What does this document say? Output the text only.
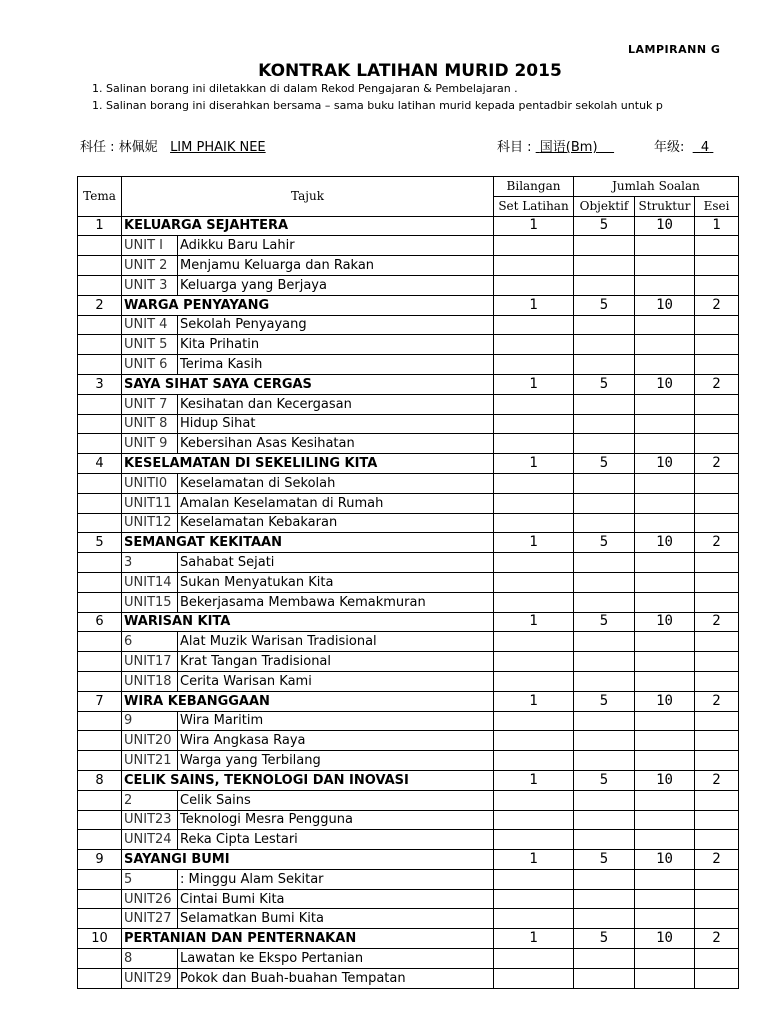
LAMPIRANN G
KONTRAK LATIHAN MURID 2015
1. Salinan borang ini diletakkan di dalam Rekod Pengajaran & Pembelajaran .
1. Salinan borang ini diserahkan bersama – sama buku latihan murid kepada pentadbir sekolah untuk p
科任 : 林佩妮 LIM PHAIK NEE	科目 : 国语(Bm)	年级: 4
Tema	Tajuk		Bilangan	Jumlah Soalan		
			Set Latihan	Objektif	Struktur	Esei
1	KELUARGA SEJAHTERA		1	5	10	1
	UNIT I	Adikku Baru Lahir				
	UNIT 2	Menjamu Keluarga dan Rakan				
	UNIT 3	Keluarga yang Berjaya				
2	WARGA PENYAYANG		1	5	10	2
	UNIT 4	Sekolah Penyayang				
	UNIT 5	Kita Prihatin				
	UNIT 6	Terima Kasih				
3	SAYA SIHAT SAYA CERGAS		1	5	10	2
	UNIT 7	Kesihatan dan Kecergasan				
	UNIT 8	Hidup Sihat				
	UNIT 9	Kebersihan Asas Kesihatan				
4	KESELAMATAN DI SEKELILING KITA		1	5	10	2
	UNITI0	Keselamatan di Sekolah				
	UNIT11	Amalan Keselamatan di Rumah				
	UNIT12	Keselamatan Kebakaran				
5	SEMANGAT KEKITAAN		1	5	10	2
	3	Sahabat Sejati				
	UNIT14	Sukan Menyatukan Kita				
	UNIT15	Bekerjasama Membawa Kemakmuran				
6	WARISAN KITA		1	5	10	2
	6	Alat Muzik Warisan Tradisional				
	UNIT17	Krat Tangan Tradisional				
	UNIT18	Cerita Warisan Kami				
7	WIRA KEBANGGAAN		1	5	10	2
	9	Wira Maritim				
	UNIT20	Wira Angkasa Raya				
	UNIT21	Warga yang Terbilang				
8	CELIK SAINS, TEKNOLOGI DAN INOVASI		1	5	10	2
	2	Celik Sains				
	UNIT23	Teknologi Mesra Pengguna				
	UNIT24	Reka Cipta Lestari				
9	SAYANGI BUMI		1	5	10	2
	5	: Minggu Alam Sekitar				
	UNIT26	Cintai Bumi Kita				
	UNIT27	Selamatkan Bumi Kita				
10	PERTANIAN DAN PENTERNAKAN		1	5	10	2
	8	Lawatan ke Ekspo Pertanian				
	UNIT29	Pokok dan Buah-buahan Tempatan				
